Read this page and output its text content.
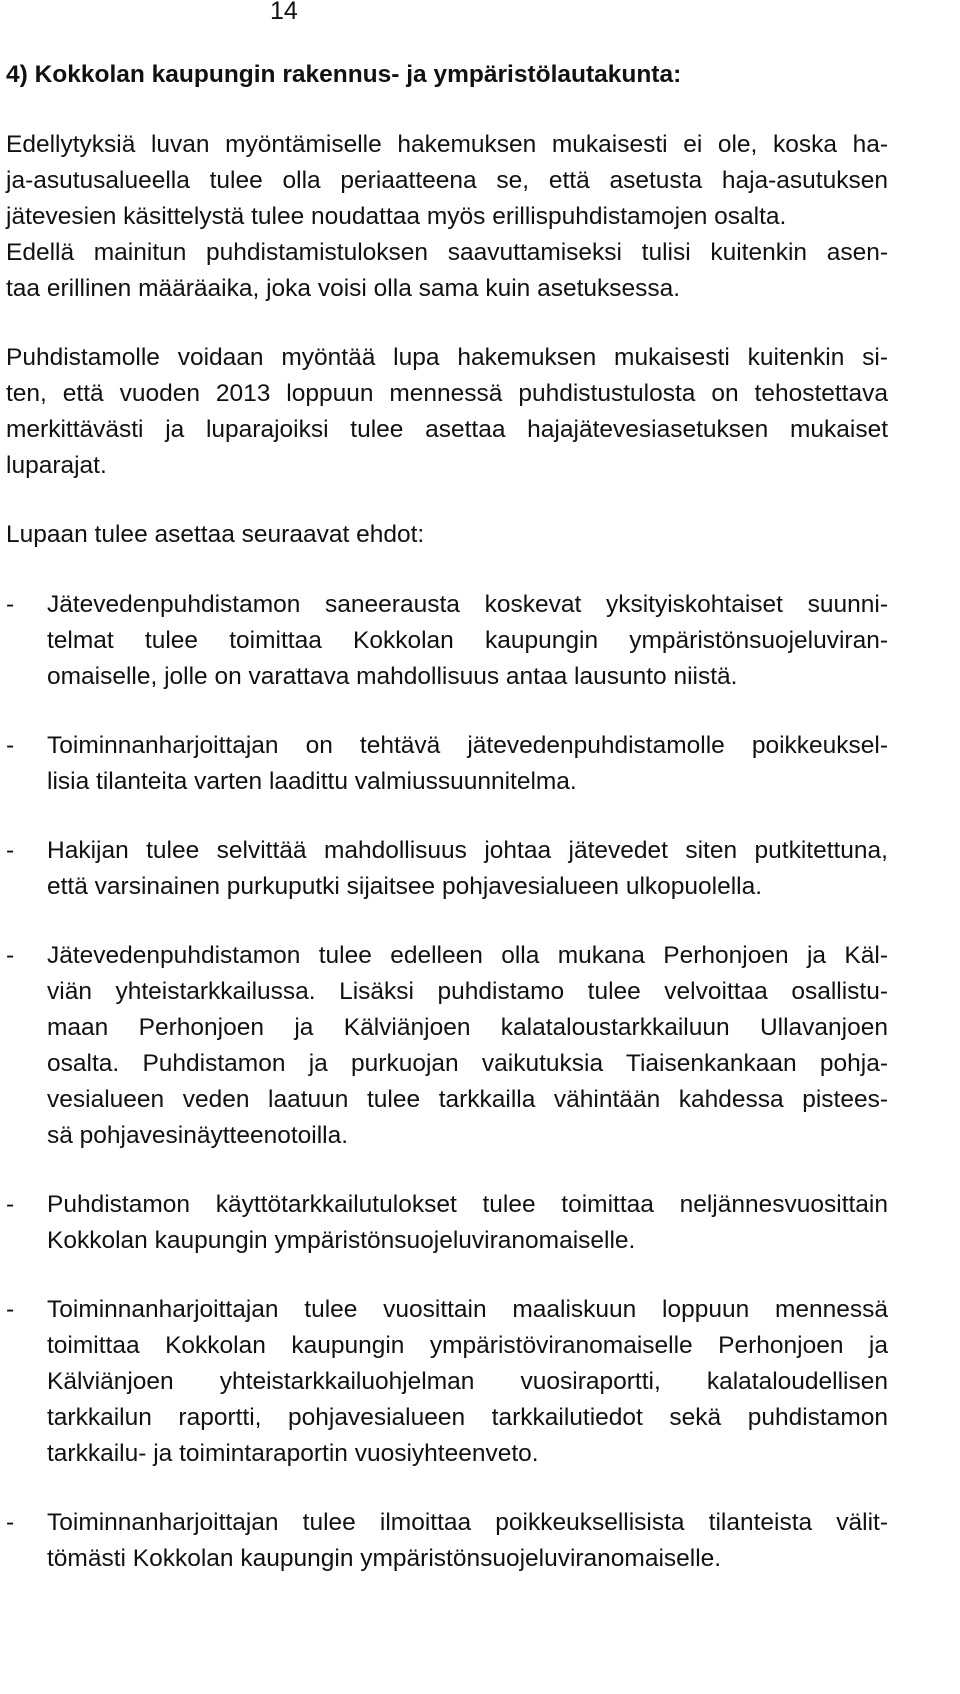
14

4) Kokkolan kaupungin rakennus- ja ympäristölautakunta:

Edellytyksiä luvan myöntämiselle hakemuksen mukaisesti ei ole, koska ha-

ja-asutusalueella tulee olla periaatteena se, että asetusta haja-asutuksen

jätevesien käsittelystä tulee noudattaa myös erillispuhdistamojen osalta.

Edellä mainitun puhdistamistuloksen saavuttamiseksi tulisi kuitenkin asen-

taa erillinen määräaika, joka voisi olla sama kuin asetuksessa.

Puhdistamolle voidaan myöntää lupa hakemuksen mukaisesti kuitenkin si-

ten, että vuoden 2013 loppuun mennessä puhdistustulosta on tehostettava

merkittävästi ja luparajoiksi tulee asettaa hajajätevesiasetuksen mukaiset

luparajat.

Lupaan tulee asettaa seuraavat ehdot:

- Jätevedenpuhdistamon saneerausta koskevat yksityiskohtaiset suunni-

telmat tulee toimittaa Kokkolan kaupungin ympäristönsuojeluviran-

omaiselle, jolle on varattava mahdollisuus antaa lausunto niistä.

- Toiminnanharjoittajan on tehtävä jätevedenpuhdistamolle poikkeuksel-

lisia tilanteita varten laadittu valmiussuunnitelma.

- Hakijan tulee selvittää mahdollisuus johtaa jätevedet siten putkitettuna,

että varsinainen purkuputki sijaitsee pohjavesialueen ulkopuolella.

- Jätevedenpuhdistamon tulee edelleen olla mukana Perhonjoen ja Käl-

viän yhteistarkkailussa. Lisäksi puhdistamo tulee velvoittaa osallistu-

maan Perhonjoen ja Kälviänjoen kalataloustarkkailuun Ullavanjoen

osalta. Puhdistamon ja purkuojan vaikutuksia Tiaisenkankaan pohja-

vesialueen veden laatuun tulee tarkkailla vähintään kahdessa pistees-

sä pohjavesinäytteenotoilla.

- Puhdistamon käyttötarkkailutulokset tulee toimittaa neljännesvuosittain

Kokkolan kaupungin ympäristönsuojeluviranomaiselle.

- Toiminnanharjoittajan tulee vuosittain maaliskuun loppuun mennessä

toimittaa Kokkolan kaupungin ympäristöviranomaiselle Perhonjoen ja

Kälviänjoen yhteistarkkailuohjelman vuosiraportti, kalataloudellisen

tarkkailun raportti, pohjavesialueen tarkkailutiedot sekä puhdistamon

tarkkailu- ja toimintaraportin vuosiyhteenveto.

- Toiminnanharjoittajan tulee ilmoittaa poikkeuksellisista tilanteista välit-

tömästi Kokkolan kaupungin ympäristönsuojeluviranomaiselle.
